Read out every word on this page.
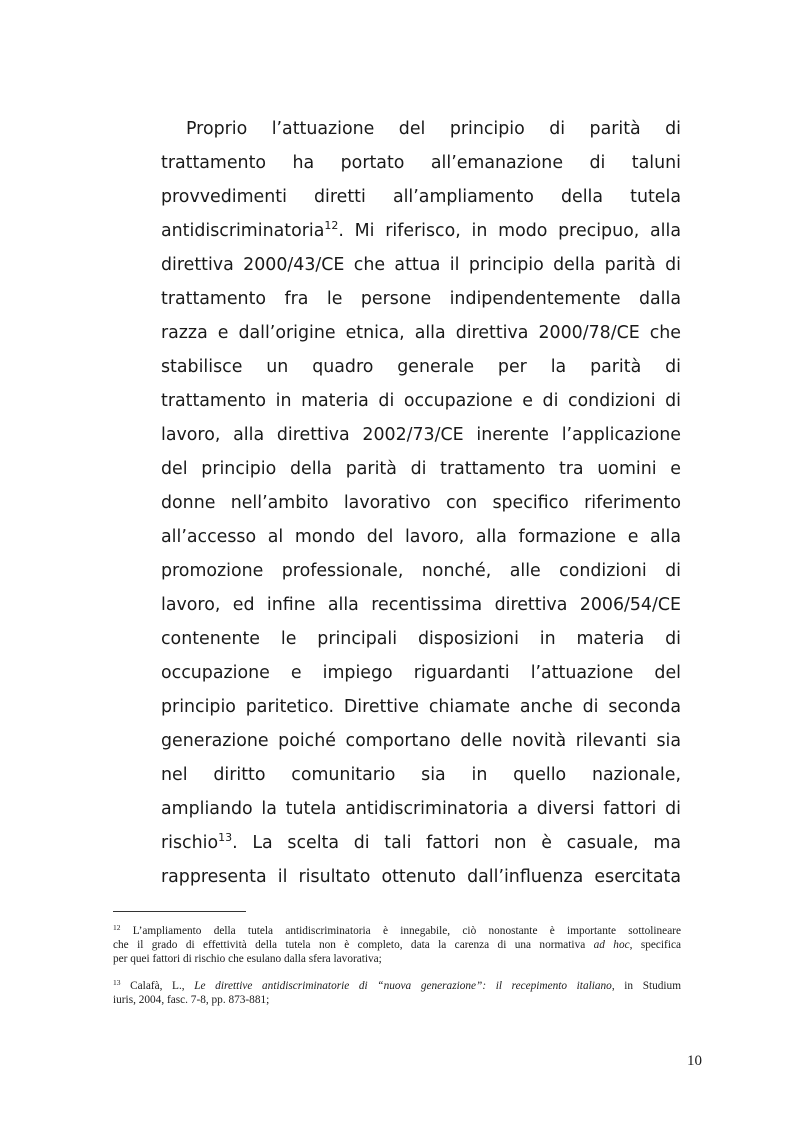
Proprio l’attuazione del principio di parità di
trattamento ha portato all’emanazione di taluni
provvedimenti diretti all’ampliamento della tutela
antidiscriminatoria$^{12}$. Mi riferisco, in modo precipuo, alla
direttiva 2000/43/CE che attua il principio della parità di
trattamento fra le persone indipendentemente dalla
razza e dall’origine etnica, alla direttiva 2000/78/CE che
stabilisce un quadro generale per la parità di
trattamento in materia di occupazione e di condizioni di
lavoro, alla direttiva 2002/73/CE inerente l’applicazione
del principio della parità di trattamento tra uomini e
donne nell’ambito lavorativo con specifico riferimento
all’accesso al mondo del lavoro, alla formazione e alla
promozione professionale, nonché, alle condizioni di
lavoro, ed infine alla recentissima direttiva 2006/54/CE
contenente le principali disposizioni in materia di
occupazione e impiego riguardanti l’attuazione del
principio paritetico. Direttive chiamate anche di seconda
generazione poiché comportano delle novità rilevanti sia
nel diritto comunitario sia in quello nazionale,
ampliando la tutela antidiscriminatoria a diversi fattori di
rischio$^{13}$. La scelta di tali fattori non è casuale, ma
rappresenta il risultato ottenuto dall’influenza esercitata
$^{12}$ L’ampliamento della tutela antidiscriminatoria è innegabile, ciò nonostante è importante sottolineare
che il grado di effettività della tutela non è completo, data la carenza di una normativa ad hoc, specifica
per quei fattori di rischio che esulano dalla sfera lavorativa;
$^{13}$ Calafà, L., Le direttive antidiscriminatorie di “nuova generazione”: il recepimento italiano, in Studium
iuris, 2004, fasc. 7-8, pp. 873-881;
10
